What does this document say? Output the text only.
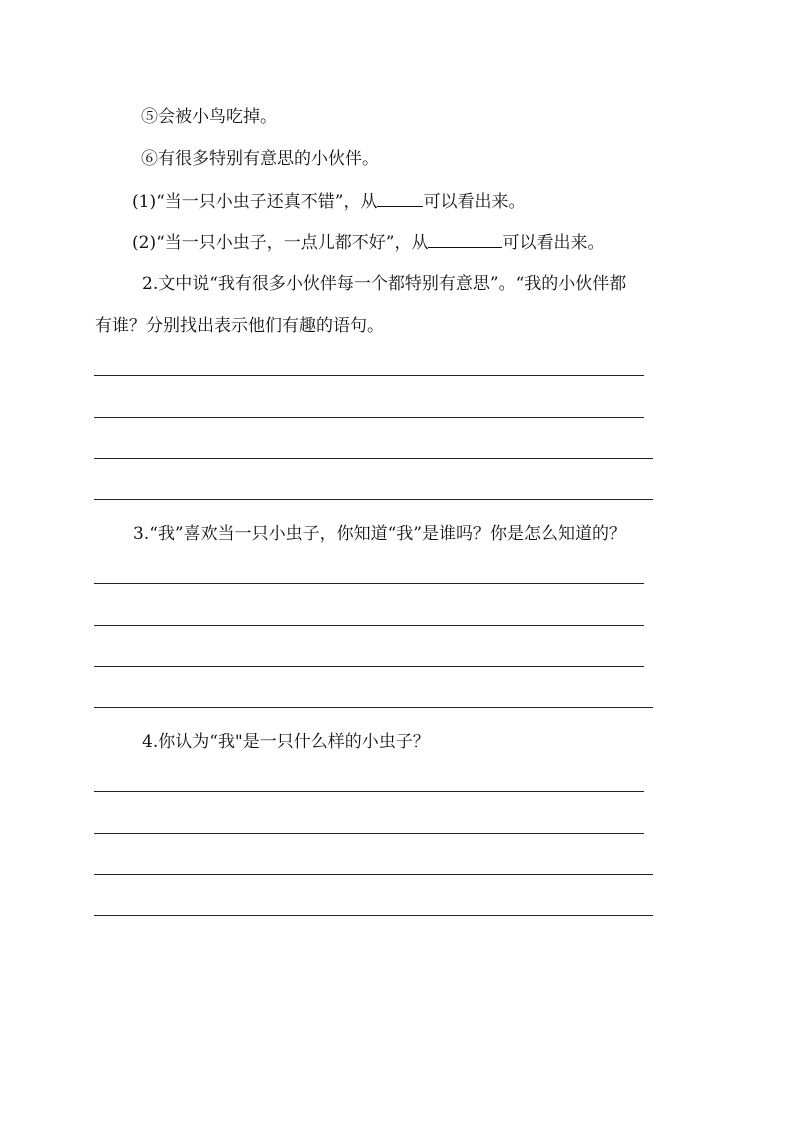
⑤会被小鸟吃掉。
⑥有很多特别有意思的小伙伴。
(1)“当一只小虫子还真不错”，从	可以看出来。
(2)“当一只小虫子，一点儿都不好”，从	可以看出来。
2.文中说“我有很多小伙伴每一个都特别有意思”。“我的小伙伴都
有谁？分别找出表示他们有趣的语句。
3.“我”喜欢当一只小虫子，你知道“我”是谁吗？你是怎么知道的？
4.你认为“我"是一只什么样的小虫子？
